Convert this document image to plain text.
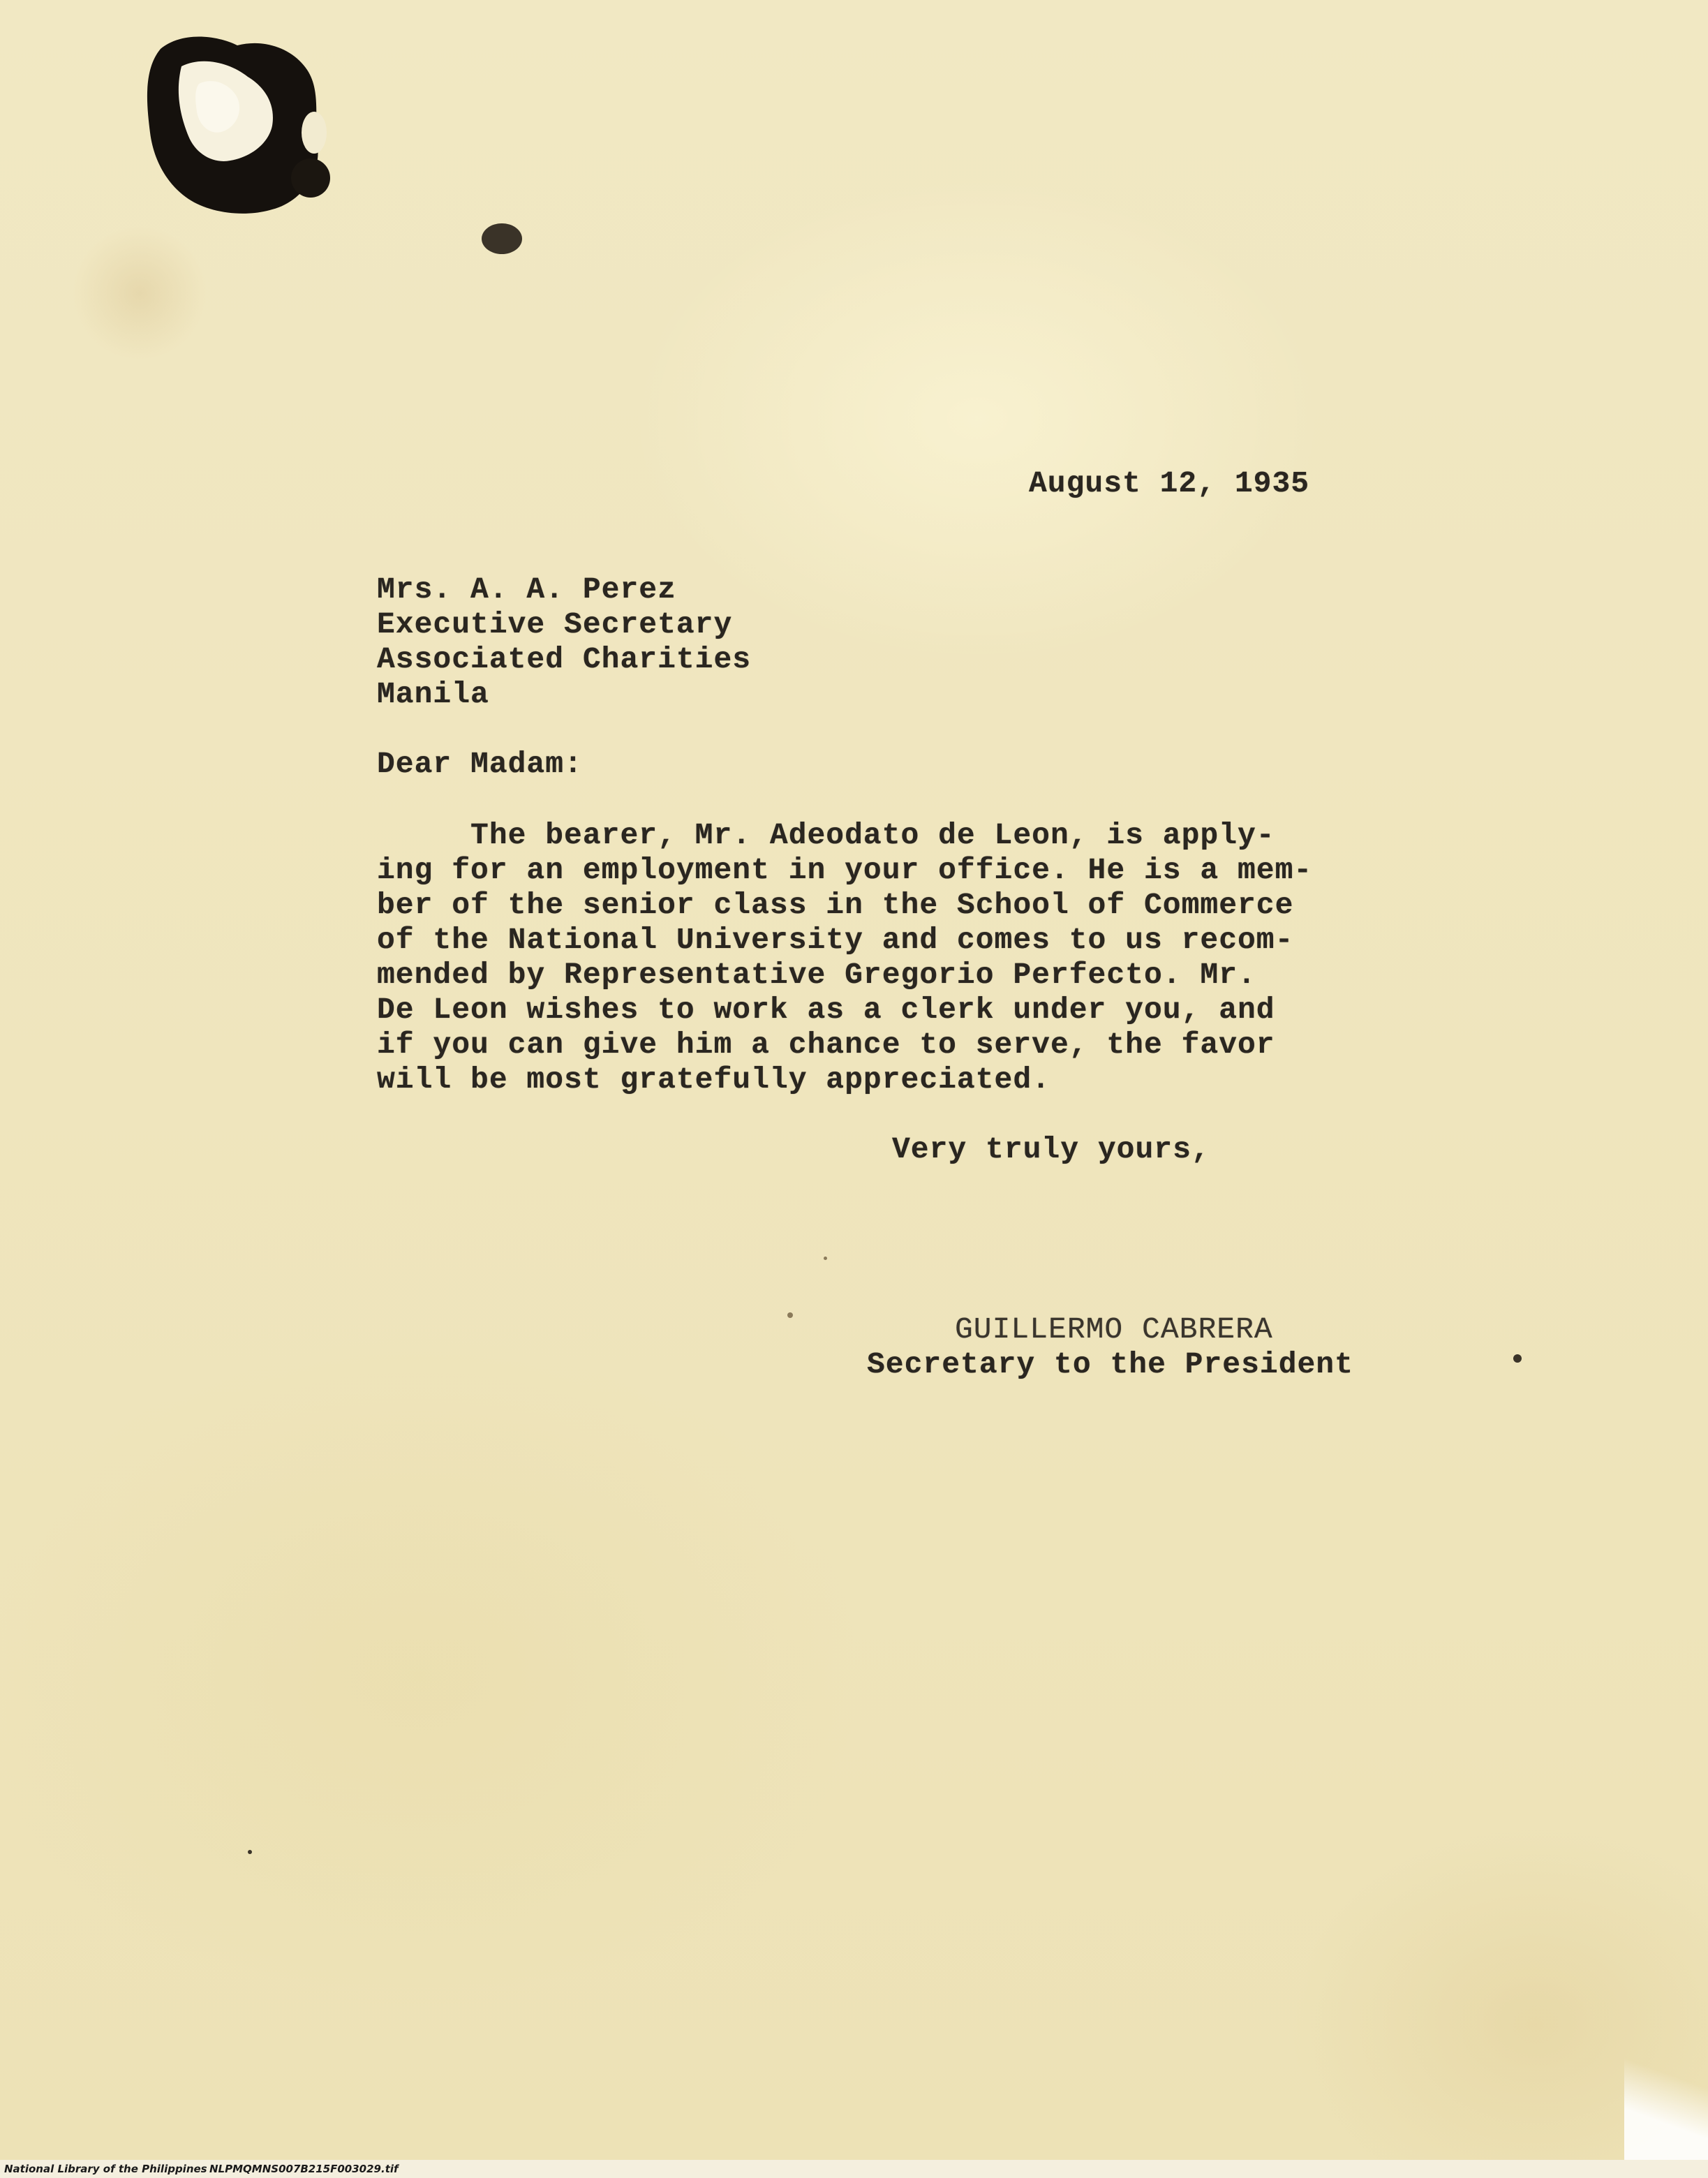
August 12, 1935
Mrs. A. A. Perez
Executive Secretary
Associated Charities
Manila
Dear Madam:
The bearer, Mr. Adeodato de Leon, is apply-
ing for an employment in your office. He is a mem-
ber of the senior class in the School of Commerce
of the National University and comes to us recom-
mended by Representative Gregorio Perfecto. Mr.
De Leon wishes to work as a clerk under you, and
if you can give him a chance to serve, the favor
will be most gratefully appreciated.
Very truly yours,
GUILLERMO CABRERA
Secretary to the President
National Library of the Philippines NLPMQMNS007B215F003029.tif
